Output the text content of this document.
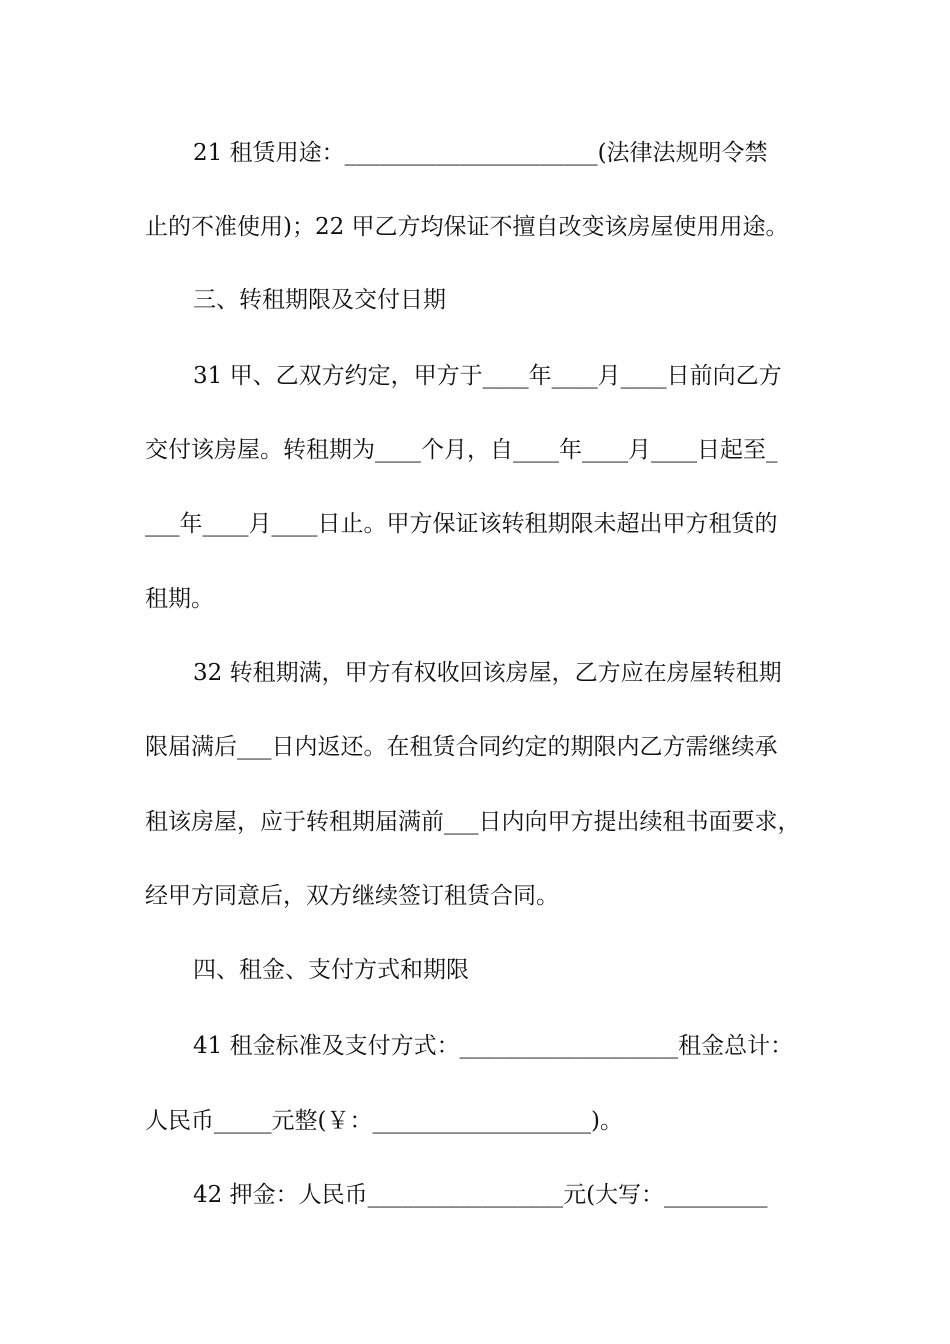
21 租赁用途：______________________(法律法规明令禁
止的不准使用)；22 甲乙方均保证不擅自改变该房屋使用用途。
三、转租期限及交付日期
31 甲、乙双方约定，甲方于____年____月____日前向乙方
交付该房屋。转租期为____个月，自____年____月____日起至_
___年____月____日止。甲方保证该转租期限未超出甲方租赁的
租期。
32 转租期满，甲方有权收回该房屋，乙方应在房屋转租期
限届满后___日内返还。在租赁合同约定的期限内乙方需继续承
租该房屋，应于转租期届满前___日内向甲方提出续租书面要求，
经甲方同意后，双方继续签订租赁合同。
四、租金、支付方式和期限
41 租金标准及支付方式：___________________租金总计：
人民币_____元整(￥：___________________)。
42 押金：人民币_________________元(大写：_________
